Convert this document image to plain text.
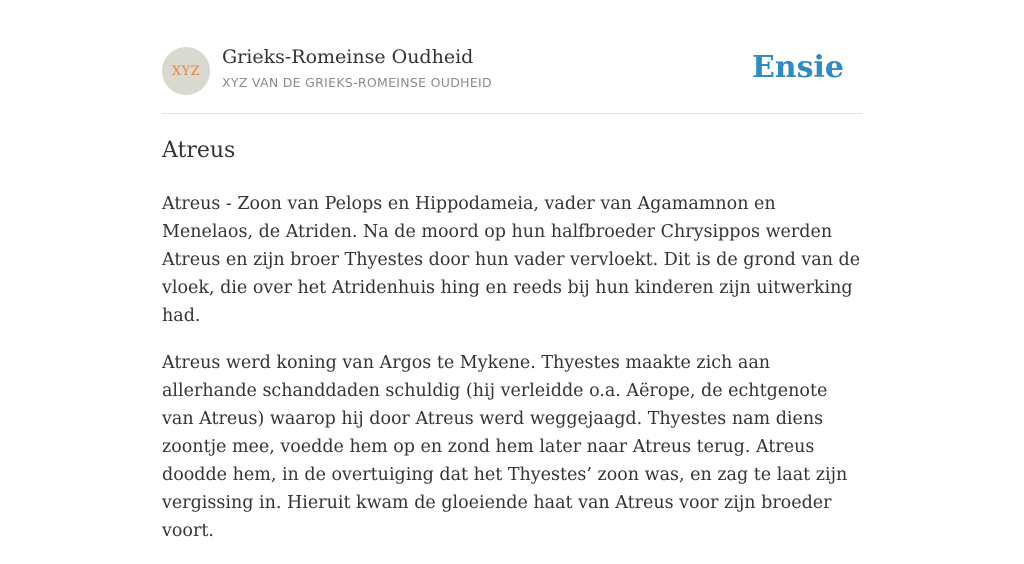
XYZ
Grieks-Romeinse Oudheid
XYZ VAN DE GRIEKS-ROMEINSE OUDHEID	Ensie
Atreus

Atreus - Zoon van Pelops en Hippodameia, vader van Agamamnon en Menelaos, de Atriden. Na de moord op hun halfbroeder Chrysippos werden Atreus en zijn broer Thyestes door hun vader vervloekt. Dit is de grond van de vloek, die over het Atridenhuis hing en reeds bij hun kinderen zijn uitwerking had.

Atreus werd koning van Argos te Mykene. Thyestes maakte zich aan allerhande schanddaden schuldig (hij verleidde o.a. Aërope, de echtgenote van Atreus) waarop hij door Atreus werd weggejaagd. Thyestes nam diens zoontje mee, voedde hem op en zond hem later naar Atreus terug. Atreus doodde hem, in de overtuiging dat het Thyestes’ zoon was, en zag te laat zijn vergissing in. Hieruit kwam de gloeiende haat van Atreus voor zijn broeder voort.
